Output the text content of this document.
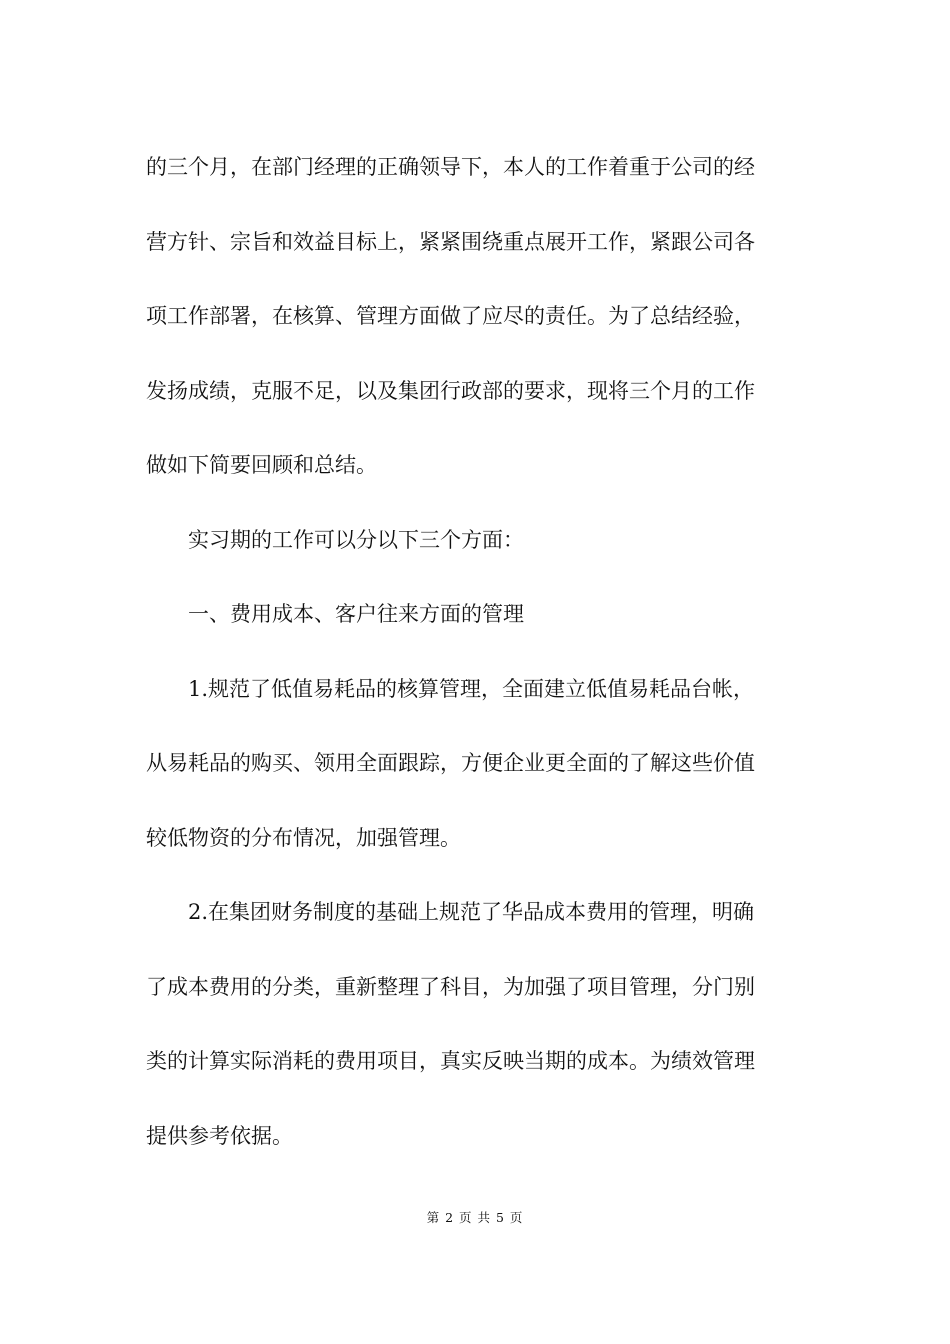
的三个月，在部门经理的正确领导下，本人的工作着重于公司的经
营方针、宗旨和效益目标上，紧紧围绕重点展开工作，紧跟公司各
项工作部署，在核算、管理方面做了应尽的责任。为了总结经验，
发扬成绩，克服不足，以及集团行政部的要求，现将三个月的工作
做如下简要回顾和总结。
　　实习期的工作可以分以下三个方面：
　　一、费用成本、客户往来方面的管理
　　1.规范了低值易耗品的核算管理，全面建立低值易耗品台帐，
从易耗品的购买、领用全面跟踪，方便企业更全面的了解这些价值
较低物资的分布情况，加强管理。
　　2.在集团财务制度的基础上规范了华品成本费用的管理，明确
了成本费用的分类，重新整理了科目，为加强了项目管理，分门别
类的计算实际消耗的费用项目，真实反映当期的成本。为绩效管理
提供参考依据。
第 2 页 共 5 页
